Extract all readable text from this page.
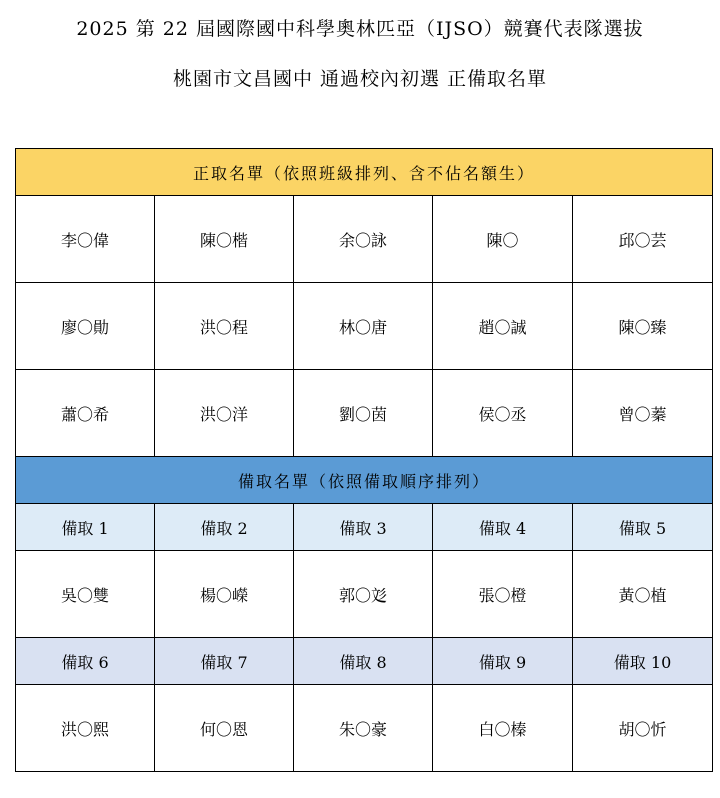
2025 第 22 屆國際國中科學奧林匹亞（IJSO）競賽代表隊選拔
桃園市文昌國中 通過校內初選 正備取名單
正取名單（依照班級排列、含不佔名額生）				
李〇偉	陳〇楷	余〇詠	陳〇	邱〇芸
廖〇勛	洪〇程	林〇唐	趙〇誠	陳〇臻
蕭〇希	洪〇洋	劉〇茵	侯〇丞	曾〇蓁
備取名單（依照備取順序排列）				
備取 1	備取 2	備取 3	備取 4	備取 5
吳〇雙	楊〇嶸	郭〇彣	張〇橙	黃〇植
備取 6	備取 7	備取 8	備取 9	備取 10
洪〇熙	何〇恩	朱〇豪	白〇榛	胡〇忻
